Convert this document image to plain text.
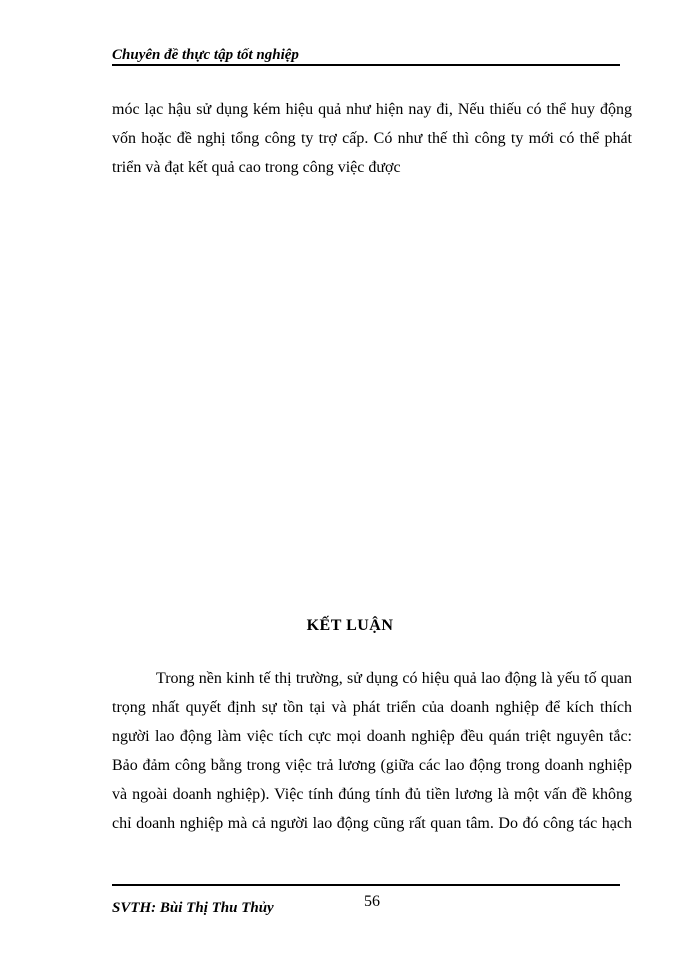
Chuyên đề thực tập tốt nghiệp
móc lạc hậu sử dụng kém hiệu quả như hiện nay đi, Nếu thiếu có thể huy động
vốn hoặc đề nghị tổng công ty trợ cấp. Có như thế thì công ty mới có thể phát
triển và đạt kết quả cao trong công việc được
KẾT LUẬN
Trong nền kinh tế thị trường, sử dụng có hiệu quả lao động là yếu tố quan
trọng nhất quyết định sự tồn tại và phát triển của doanh nghiệp để kích thích
người lao động làm việc tích cực mọi doanh nghiệp đều quán triệt nguyên tắc:
Bảo đảm công bằng trong việc trả lương (giữa các lao động trong doanh nghiệp
và ngoài doanh nghiệp). Việc tính đúng tính đủ tiền lương là một vấn đề không
chỉ doanh nghiệp mà cả người lao động cũng rất quan tâm. Do đó công tác hạch
SVTH: Bùi Thị Thu Thủy	56
